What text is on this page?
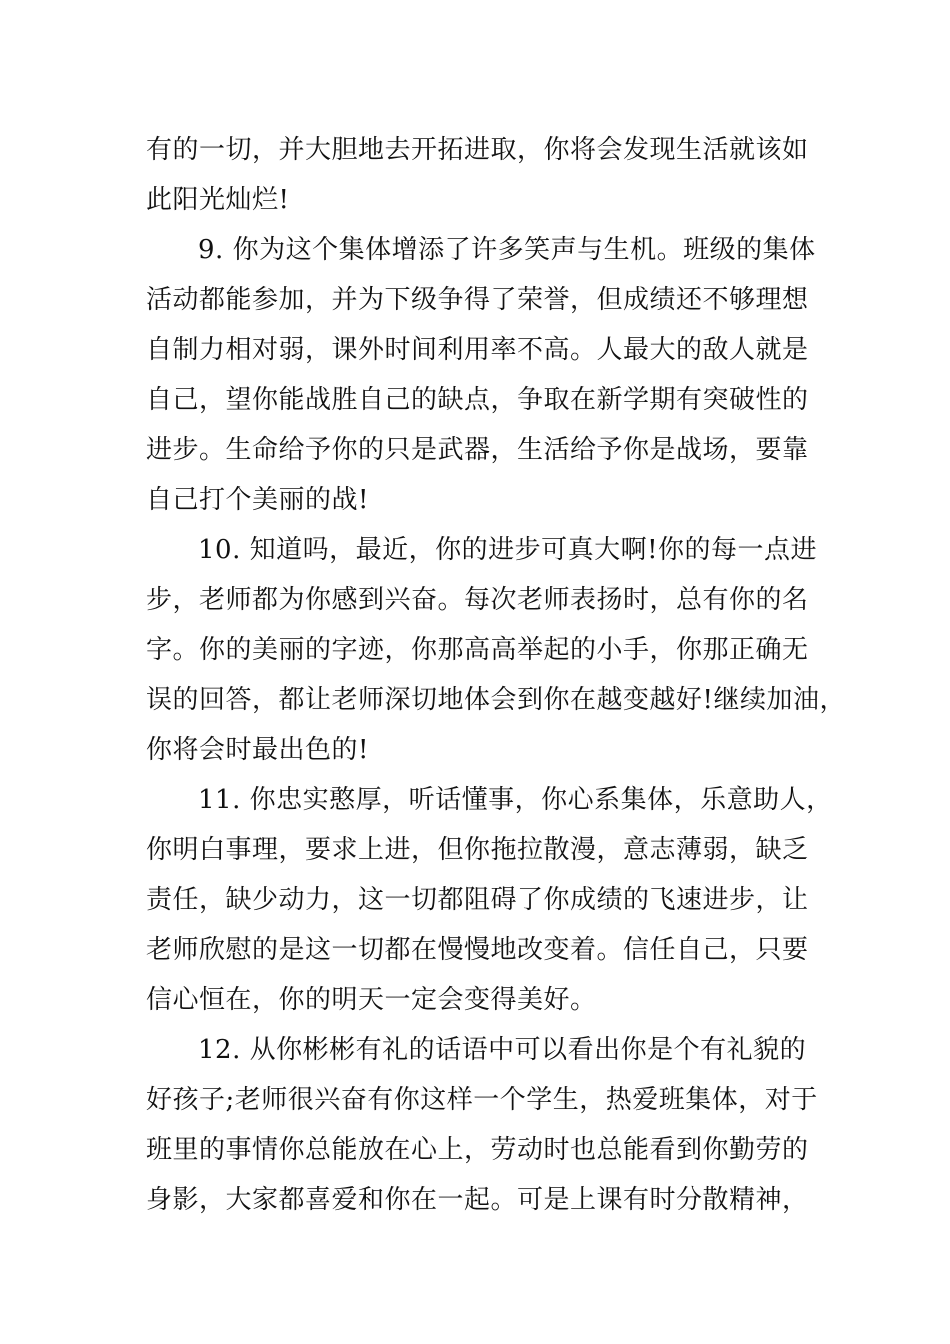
有的一切，并大胆地去开拓进取，你将会发现生活就该如
此阳光灿烂!
9. 你为这个集体增添了许多笑声与生机。班级的集体
活动都能参加，并为下级争得了荣誉，但成绩还不够理想
自制力相对弱，课外时间利用率不高。人最大的敌人就是
自己，望你能战胜自己的缺点，争取在新学期有突破性的
进步。生命给予你的只是武器，生活给予你是战场，要靠
自己打个美丽的战!
10. 知道吗，最近，你的进步可真大啊!你的每一点进
步，老师都为你感到兴奋。每次老师表扬时，总有你的名
字。你的美丽的字迹，你那高高举起的小手，你那正确无
误的回答，都让老师深切地体会到你在越变越好!继续加油，
你将会时最出色的!
11. 你忠实憨厚，听话懂事，你心系集体，乐意助人，
你明白事理，要求上进，但你拖拉散漫，意志薄弱，缺乏
责任，缺少动力，这一切都阻碍了你成绩的飞速进步，让
老师欣慰的是这一切都在慢慢地改变着。信任自己，只要
信心恒在，你的明天一定会变得美好。
12. 从你彬彬有礼的话语中可以看出你是个有礼貌的
好孩子;老师很兴奋有你这样一个学生，热爱班集体，对于
班里的事情你总能放在心上，劳动时也总能看到你勤劳的
身影，大家都喜爱和你在一起。可是上课有时分散精神，
